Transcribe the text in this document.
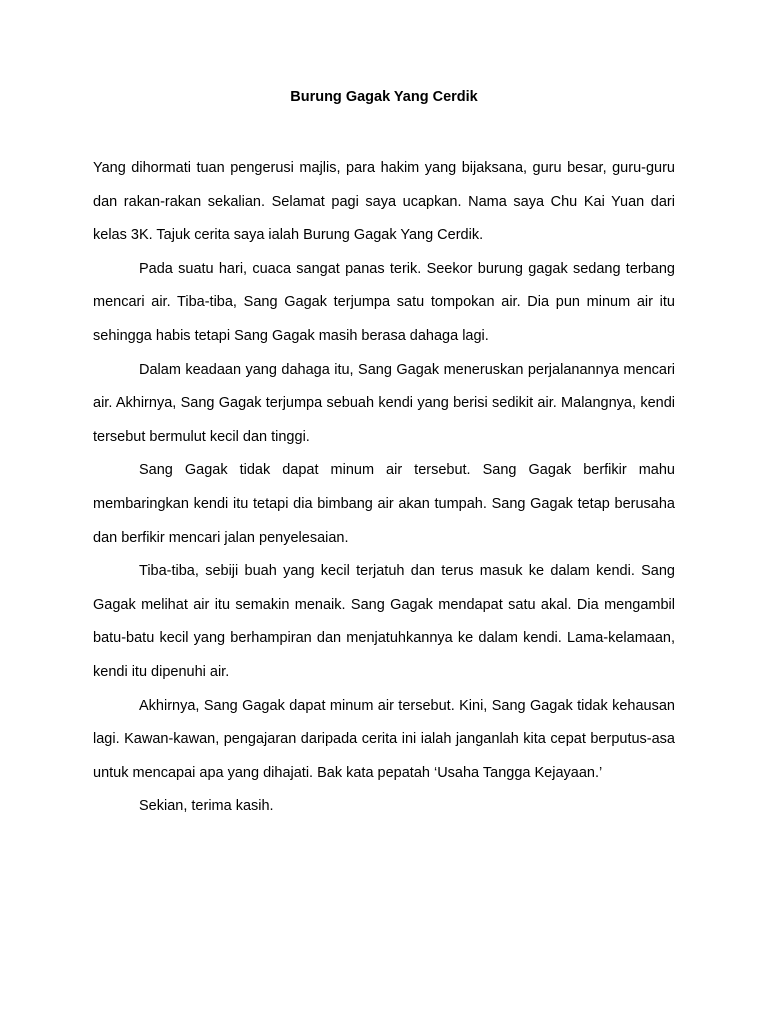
Burung Gagak Yang Cerdik

Yang dihormati tuan pengerusi majlis, para hakim yang bijaksana, guru besar, guru-guru dan rakan-rakan sekalian. Selamat pagi saya ucapkan. Nama saya Chu Kai Yuan dari kelas 3K. Tajuk cerita saya ialah Burung Gagak Yang Cerdik.

Pada suatu hari, cuaca sangat panas terik. Seekor burung gagak sedang terbang mencari air. Tiba-tiba, Sang Gagak terjumpa satu tompokan air. Dia pun minum air itu sehingga habis tetapi Sang Gagak masih berasa dahaga lagi.

Dalam keadaan yang dahaga itu, Sang Gagak meneruskan perjalanannya mencari air. Akhirnya, Sang Gagak terjumpa sebuah kendi yang berisi sedikit air. Malangnya, kendi tersebut bermulut kecil dan tinggi.

Sang Gagak tidak dapat minum air tersebut. Sang Gagak berfikir mahu membaringkan kendi itu tetapi dia bimbang air akan tumpah. Sang Gagak tetap berusaha dan berfikir mencari jalan penyelesaian.

Tiba-tiba, sebiji buah yang kecil terjatuh dan terus masuk ke dalam kendi. Sang Gagak melihat air itu semakin menaik. Sang Gagak mendapat satu akal. Dia mengambil batu-batu kecil yang berhampiran dan menjatuhkannya ke dalam kendi. Lama-kelamaan, kendi itu dipenuhi air.

Akhirnya, Sang Gagak dapat minum air tersebut. Kini, Sang Gagak tidak kehausan lagi. Kawan-kawan, pengajaran daripada cerita ini ialah janganlah kita cepat berputus-asa untuk mencapai apa yang dihajati. Bak kata pepatah ‘Usaha Tangga Kejayaan.’

Sekian, terima kasih.
